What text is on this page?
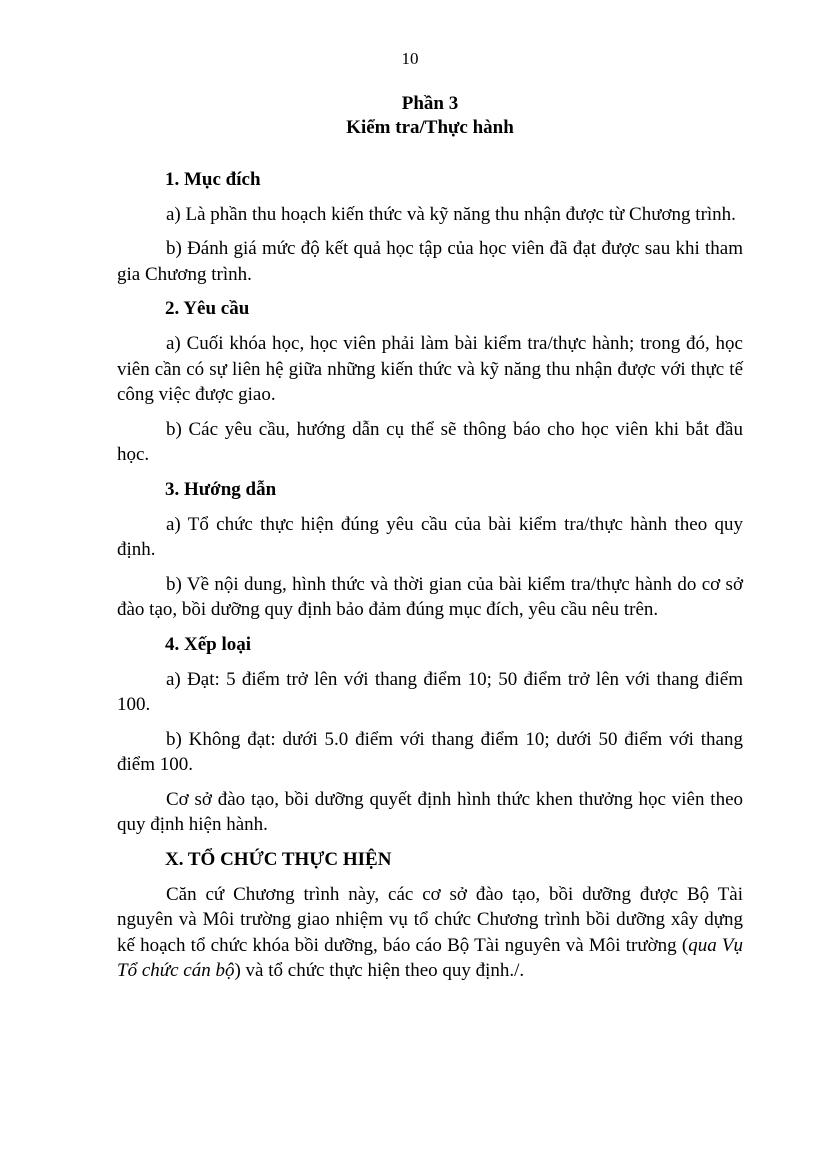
10
Phần 3
Kiểm tra/Thực hành

1. Mục đích

a) Là phần thu hoạch kiến thức và kỹ năng thu nhận được từ Chương trình.

b) Đánh giá mức độ kết quả học tập của học viên đã đạt được sau khi tham gia Chương trình.

2. Yêu cầu

a) Cuối khóa học, học viên phải làm bài kiểm tra/thực hành; trong đó, học viên cần có sự liên hệ giữa những kiến thức và kỹ năng thu nhận được với thực tế công việc được giao.

b) Các yêu cầu, hướng dẫn cụ thể sẽ thông báo cho học viên khi bắt đầu học.

3. Hướng dẫn

a) Tổ chức thực hiện đúng yêu cầu của bài kiểm tra/thực hành theo quy định.

b) Về nội dung, hình thức và thời gian của bài kiểm tra/thực hành do cơ sở đào tạo, bồi dưỡng quy định bảo đảm đúng mục đích, yêu cầu nêu trên.

4. Xếp loại

a) Đạt: 5 điểm trở lên với thang điểm 10; 50 điểm trở lên với thang điểm 100.

b) Không đạt: dưới 5.0 điểm với thang điểm 10; dưới 50 điểm với thang điểm 100.

Cơ sở đào tạo, bồi dưỡng quyết định hình thức khen thưởng học viên theo quy định hiện hành.

X. TỔ CHỨC THỰC HIỆN

Căn cứ Chương trình này, các cơ sở đào tạo, bồi dưỡng được Bộ Tài nguyên và Môi trường giao nhiệm vụ tổ chức Chương trình bồi dưỡng xây dựng kế hoạch tổ chức khóa bồi dưỡng, báo cáo Bộ Tài nguyên và Môi trường (qua Vụ Tổ chức cán bộ) và tổ chức thực hiện theo quy định./.
